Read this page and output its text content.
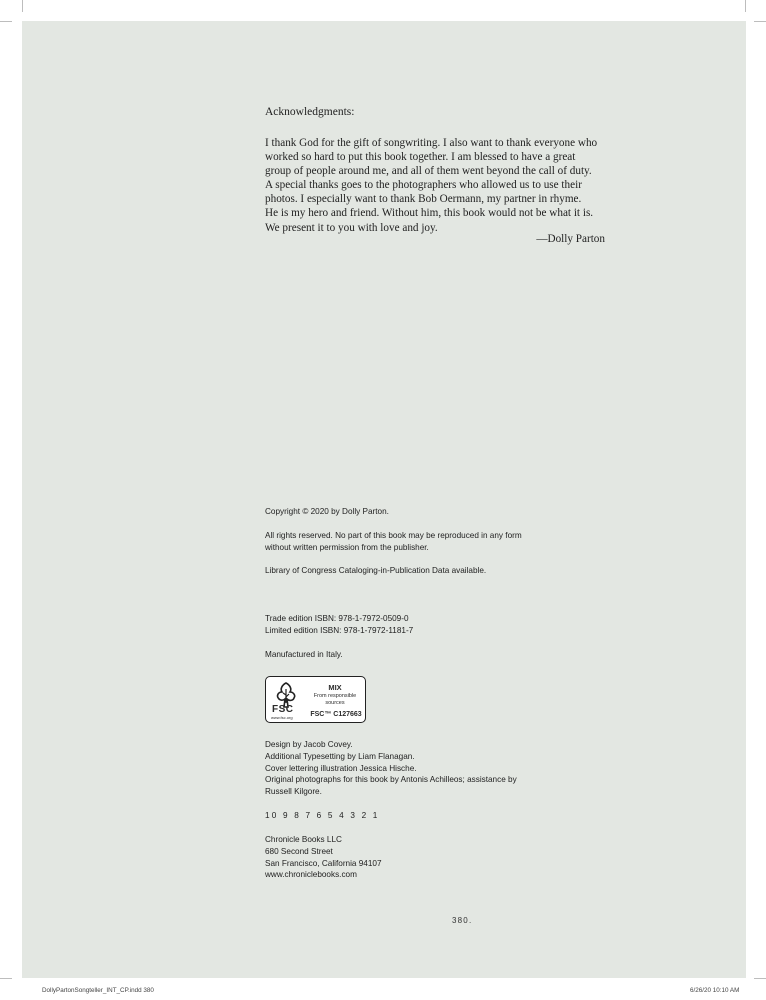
Acknowledgments:
I thank God for the gift of songwriting. I also want to thank everyone who
worked so hard to put this book together. I am blessed to have a great
group of people around me, and all of them went beyond the call of duty.
A special thanks goes to the photographers who allowed us to use their
photos. I especially want to thank Bob Oermann, my partner in rhyme.
He is my hero and friend. Without him, this book would not be what it is.
We present it to you with love and joy.
—Dolly Parton
Copyright © 2020 by Dolly Parton.
All rights reserved. No part of this book may be reproduced in any form
without written permission from the publisher.
Library of Congress Cataloging-in-Publication Data available.
Trade edition ISBN: 978-1-7972-0509-0
Limited edition ISBN: 978-1-7972-1181-7
Manufactured in Italy.
FSC
www.fsc.org
MIX
From responsible sources
FSC™ C127663
Design by Jacob Covey.
Additional Typesetting by Liam Flanagan.
Cover lettering illustration Jessica Hische.
Original photographs for this book by Antonis Achilleos; assistance by
Russell Kilgore.
10 9 8 7 6 5 4 3 2 1
Chronicle Books LLC
680 Second Street
San Francisco, California 94107
www.chroniclebooks.com
380.
DollyPartonSongteller_INT_CP.indd 380	6/26/20 10:10 AM
